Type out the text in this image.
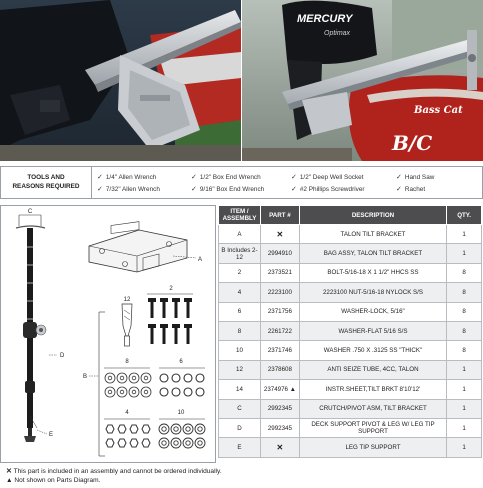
MERCURY
Optimax
Bass Cat
B/C
TOOLS AND
REASONS REQUIRED
✓ 1/4" Allen Wrench
✓ 7/32" Allen Wrench
✓ 1/2" Box End Wrench
✓ 9/16" Box End Wrench
✓ 1/2" Deep Well Socket
✓ #2 Phillips Screwdriver
✓ Hand Saw
✓ Rachet
C
D
E
A
B
12
2
8	6
4	10
ITEM / ASSEMBLY	PART #	DESCRIPTION	QTY.
A	✕	TALON TILT BRACKET	1
B Includes 2-12	2994910	BAG ASSY, TALON TILT BRACKET	1
2	2373521	BOLT-5/16-18 X 1 1/2" HHCS SS	8
4	2223100	2223100 NUT-5/16-18 NYLOCK S/S	8
6	2371756	WASHER-LOCK, 5/16"	8
8	2261722	WASHER-FLAT 5/16 S/S	8
10	2371746	WASHER .750 X .3125 SS "THICK"	8
12	2378608	ANTI SEIZE TUBE, 4CC, TALON	1
14	2374976 ▲	INSTR.SHEET,TILT BRKT 8'10'12'	1
C	2992345	CRUTCH/PIVOT ASM, TILT BRACKET	1
D	2992345	DECK SUPPORT PIVOT & LEG W/ LEG TIP SUPPORT	1
E	✕	LEG TIP SUPPORT	1
✕ This part is included in an assembly and cannot be ordered individually.
▲ Not shown on Parts Diagram.
